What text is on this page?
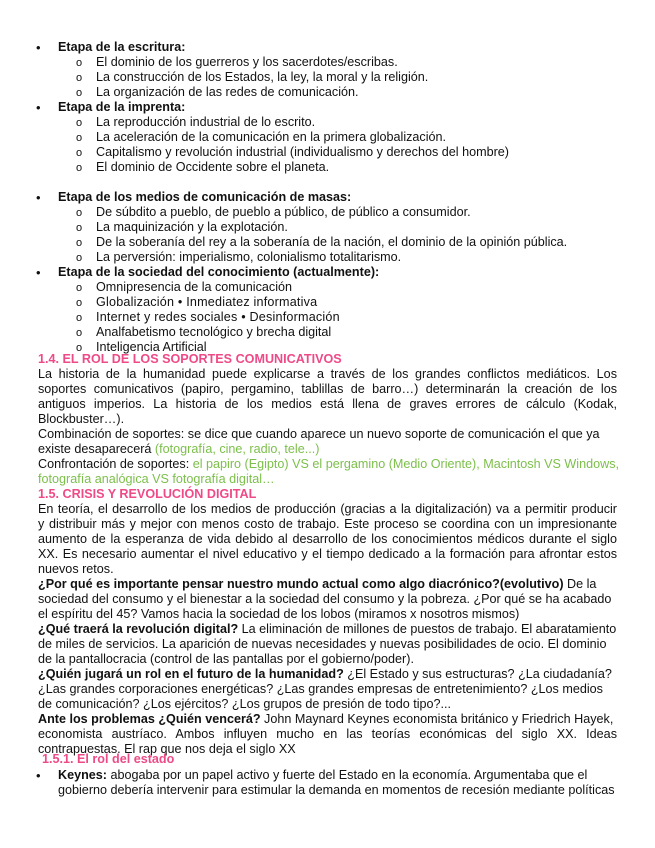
• Etapa de la escritura:
o El dominio de los guerreros y los sacerdotes/escribas.
o La construcción de los Estados, la ley, la moral y la religión.
o La organización de las redes de comunicación.
• Etapa de la imprenta:
o La reproducción industrial de lo escrito.
o La aceleración de la comunicación en la primera globalización.
o Capitalismo y revolución industrial (individualismo y derechos del hombre)
o El dominio de Occidente sobre el planeta.
• Etapa de los medios de comunicación de masas:
o De súbdito a pueblo, de pueblo a público, de público a consumidor.
o La maquinización y la explotación.
o De la soberanía del rey a la soberanía de la nación, el dominio de la opinión pública.
o La perversión: imperialismo, colonialismo totalitarismo.
• Etapa de la sociedad del conocimiento (actualmente):
o Omnipresencia de la comunicación
o Globalización • Inmediatez informativa
o Internet y redes sociales • Desinformación
o Analfabetismo tecnológico y brecha digital
o Inteligencia Artificial
1.4. EL ROL DE LOS SOPORTES COMUNICATIVOS
La historia de la humanidad puede explicarse a través de los grandes conflictos mediáticos. Los
soportes comunicativos (papiro, pergamino, tablillas de barro…) determinarán la creación de los
antiguos imperios. La historia de los medios está llena de graves errores de cálculo (Kodak,
Blockbuster…).
Combinación de soportes: se dice que cuando aparece un nuevo soporte de comunicación el que ya
existe desaparecerá (fotografía, cine, radio, tele...)
Confrontación de soportes: el papiro (Egipto) VS el pergamino (Medio Oriente), Macintosh VS Windows,
fotografía analógica VS fotografía digital…
1.5. CRISIS Y REVOLUCIÓN DIGITAL
En teoría, el desarrollo de los medios de producción (gracias a la digitalización) va a permitir producir
y distribuir más y mejor con menos costo de trabajo. Este proceso se coordina con un impresionante
aumento de la esperanza de vida debido al desarrollo de los conocimientos médicos durante el siglo
XX. Es necesario aumentar el nivel educativo y el tiempo dedicado a la formación para afrontar estos
nuevos retos.
¿Por qué es importante pensar nuestro mundo actual como algo diacrónico?(evolutivo) De la
sociedad del consumo y el bienestar a la sociedad del consumo y la pobreza. ¿Por qué se ha acabado
el espíritu del 45? Vamos hacia la sociedad de los lobos (miramos x nosotros mismos)
¿Qué traerá la revolución digital? La eliminación de millones de puestos de trabajo. El abaratamiento
de miles de servicios. La aparición de nuevas necesidades y nuevas posibilidades de ocio. El dominio
de la pantallocracia (control de las pantallas por el gobierno/poder).
¿Quién jugará un rol en el futuro de la humanidad? ¿El Estado y sus estructuras? ¿La ciudadanía?
¿Las grandes corporaciones energéticas? ¿Las grandes empresas de entretenimiento? ¿Los medios
de comunicación? ¿Los ejércitos? ¿Los grupos de presión de todo tipo?...
Ante los problemas ¿Quién vencerá? John Maynard Keynes economista británico y Friedrich Hayek,
economista austríaco. Ambos influyen mucho en las teorías económicas del siglo XX. Ideas
contrapuestas. El rap que nos deja el siglo XX
1.5.1. El rol del estado
• Keynes: abogaba por un papel activo y fuerte del Estado en la economía. Argumentaba que el
gobierno debería intervenir para estimular la demanda en momentos de recesión mediante políticas
